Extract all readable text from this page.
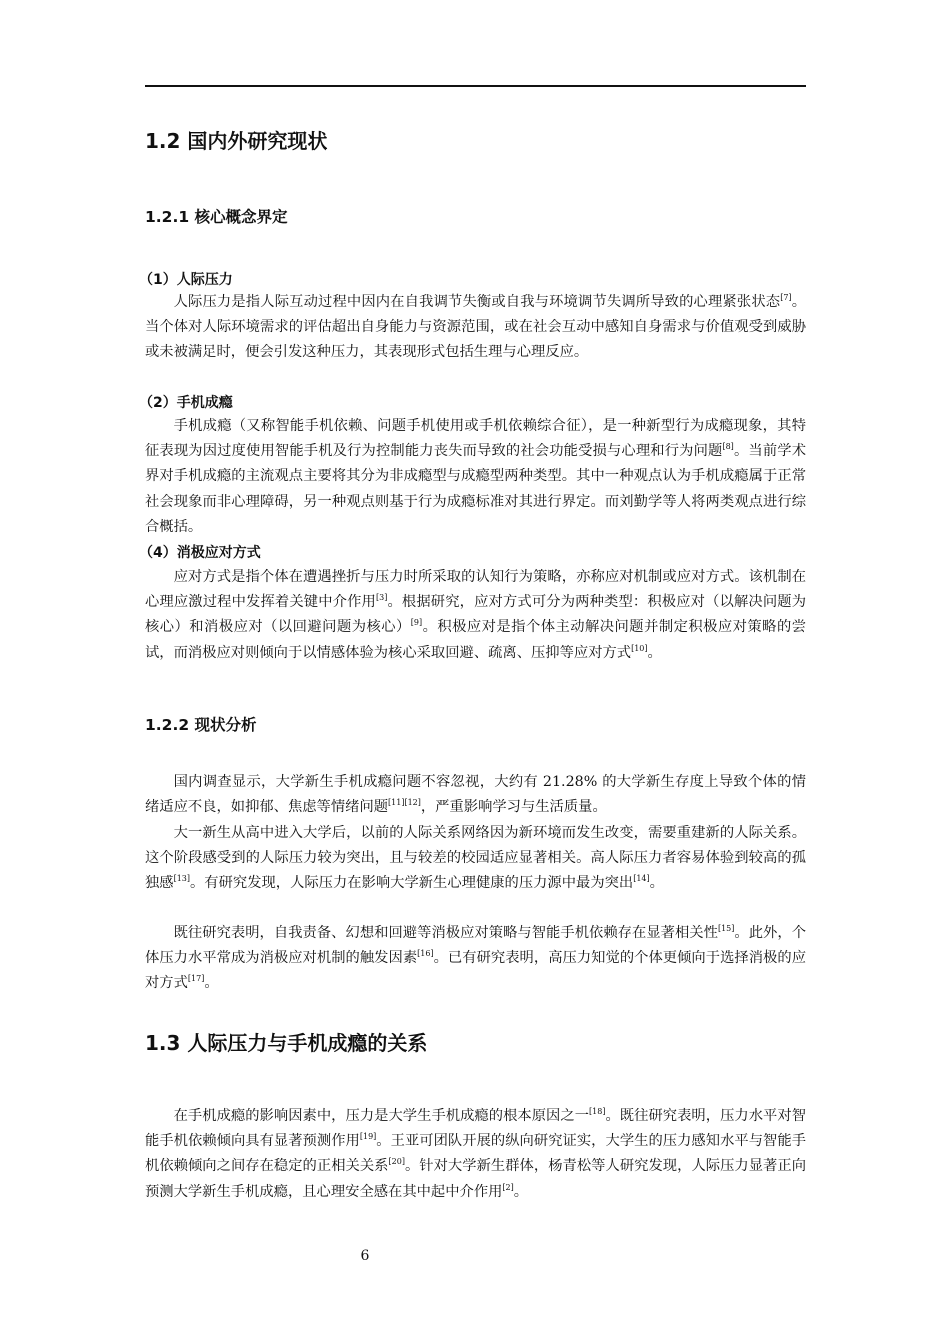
1.2 国内外研究现状
1.2.1 核心概念界定
（1）人际压力

人际压力是指人际互动过程中因内在自我调节失衡或自我与环境调节失调所导致的心理紧张状态[7]。当个体对人际环境需求的评估超出自身能力与资源范围，或在社会互动中感知自身需求与价值观受到威胁或未被满足时，便会引发这种压力，其表现形式包括生理与心理反应。

（2）手机成瘾

手机成瘾（又称智能手机依赖、问题手机使用或手机依赖综合征），是一种新型行为成瘾现象，其特征表现为因过度使用智能手机及行为控制能力丧失而导致的社会功能受损与心理和行为问题[8]。当前学术界对手机成瘾的主流观点主要将其分为非成瘾型与成瘾型两种类型。其中一种观点认为手机成瘾属于正常社会现象而非心理障碍，另一种观点则基于行为成瘾标准对其进行界定。而刘勤学等人将两类观点进行综合概括。

（4）消极应对方式

应对方式是指个体在遭遇挫折与压力时所采取的认知行为策略，亦称应对机制或应对方式。该机制在心理应激过程中发挥着关键中介作用[3]。根据研究，应对方式可分为两种类型：积极应对（以解决问题为核心）和消极应对（以回避问题为核心）[9]。积极应对是指个体主动解决问题并制定积极应对策略的尝试，而消极应对则倾向于以情感体验为核心采取回避、疏离、压抑等应对方式[10]。

1.2.2 现状分析

国内调查显示，大学新生手机成瘾问题不容忽视，大约有 21.28% 的大学新生存度上导致个体的情绪适应不良，如抑郁、焦虑等情绪问题[11][12]，严重影响学习与生活质量。

大一新生从高中进入大学后，以前的人际关系网络因为新环境而发生改变，需要重建新的人际关系。这个阶段感受到的人际压力较为突出，且与较差的校园适应显著相关。高人际压力者容易体验到较高的孤独感[13]。有研究发现，人际压力在影响大学新生心理健康的压力源中最为突出[14]。

既往研究表明，自我责备、幻想和回避等消极应对策略与智能手机依赖存在显著相关性[15]。此外，个体压力水平常成为消极应对机制的触发因素[16]。已有研究表明，高压力知觉的个体更倾向于选择消极的应对方式[17]。

1.3 人际压力与手机成瘾的关系

在手机成瘾的影响因素中，压力是大学生手机成瘾的根本原因之一[18]。既往研究表明，压力水平对智能手机依赖倾向具有显著预测作用[19]。王亚可团队开展的纵向研究证实，大学生的压力感知水平与智能手机依赖倾向之间存在稳定的正相关关系[20]。针对大学新生群体，杨青松等人研究发现，人际压力显著正向预测大学新生手机成瘾，且心理安全感在其中起中介作用[2]。

6
